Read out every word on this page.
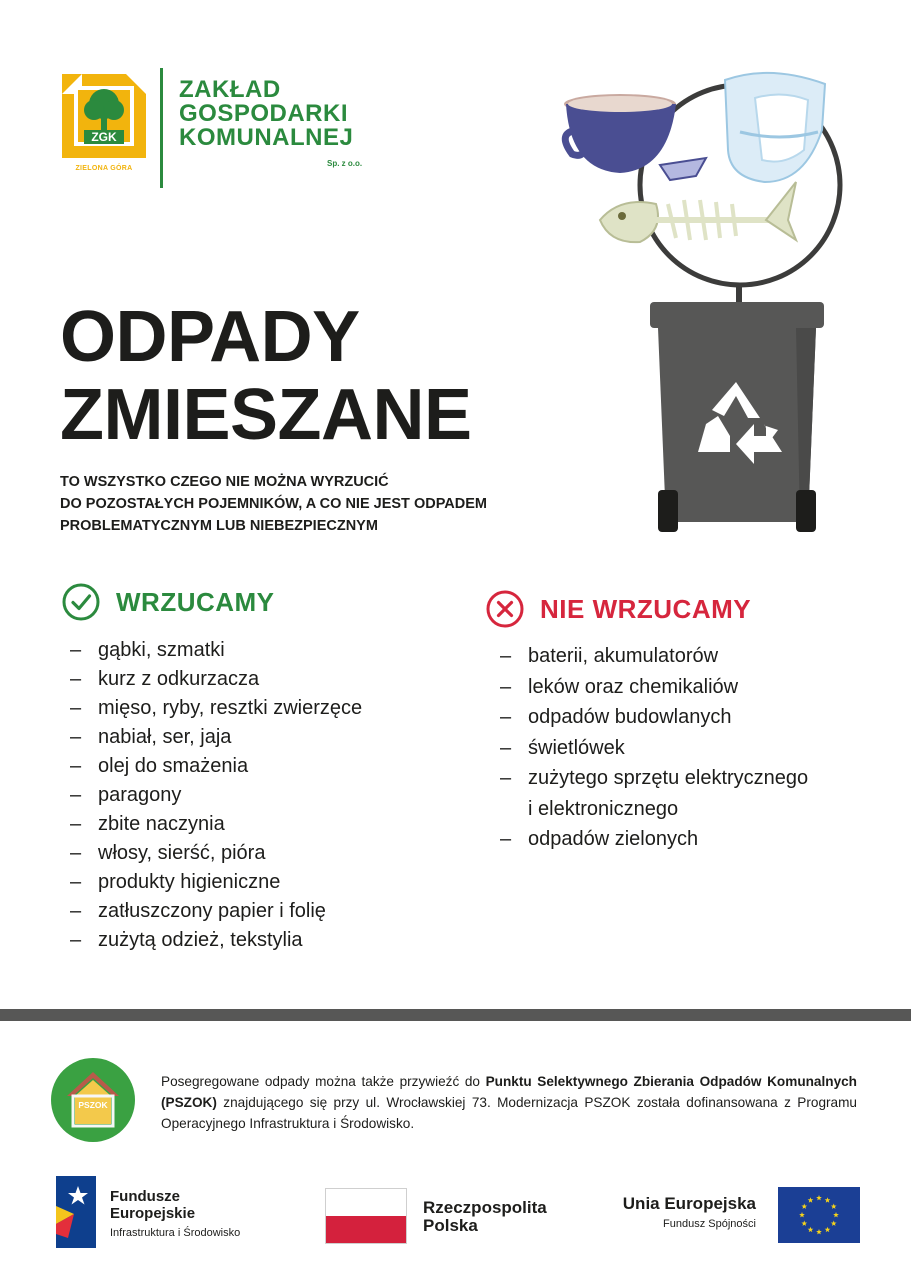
ZGK
ZIELONA GÓRA
ZAKŁAD
GOSPODARKI
KOMUNALNEJ
Sp. z o.o.
ODPADY
ZMIESZANE
TO WSZYSTKO CZEGO NIE MOŻNA WYRZUCIĆ
DO POZOSTAŁYCH POJEMNIKÓW, A CO NIE JEST ODPADEM
PROBLEMATYCZNYM LUB NIEBEZPIECZNYM
WRZUCAMY
– gąbki, szmatki
– kurz z odkurzacza
– mięso, ryby, resztki zwierzęce
– nabiał, ser, jaja
– olej do smażenia
– paragony
– zbite naczynia
– włosy, sierść, pióra
– produkty higieniczne
– zatłuszczony papier i folię
– zużytą odzież, tekstylia
NIE WRZUCAMY
– baterii, akumulatorów
– leków oraz chemikaliów
– odpadów budowlanych
– świetlówek
– zużytego sprzętu elektrycznego
i elektronicznego
– odpadów zielonych
PSZOK

Posegregowane odpady można także przywieźć do Punktu Selektywnego Zbierania Odpadów Komunalnych (PSZOK) znajdującego się przy ul. Wrocławskiej 73. Modernizacja PSZOK została dofinansowana z Programu Operacyjnego Infrastruktura i Środowisko.

Fundusze
Europejskie
Infrastruktura i Środowisko
Rzeczpospolita
Polska
Unia Europejska
Fundusz Spójności
